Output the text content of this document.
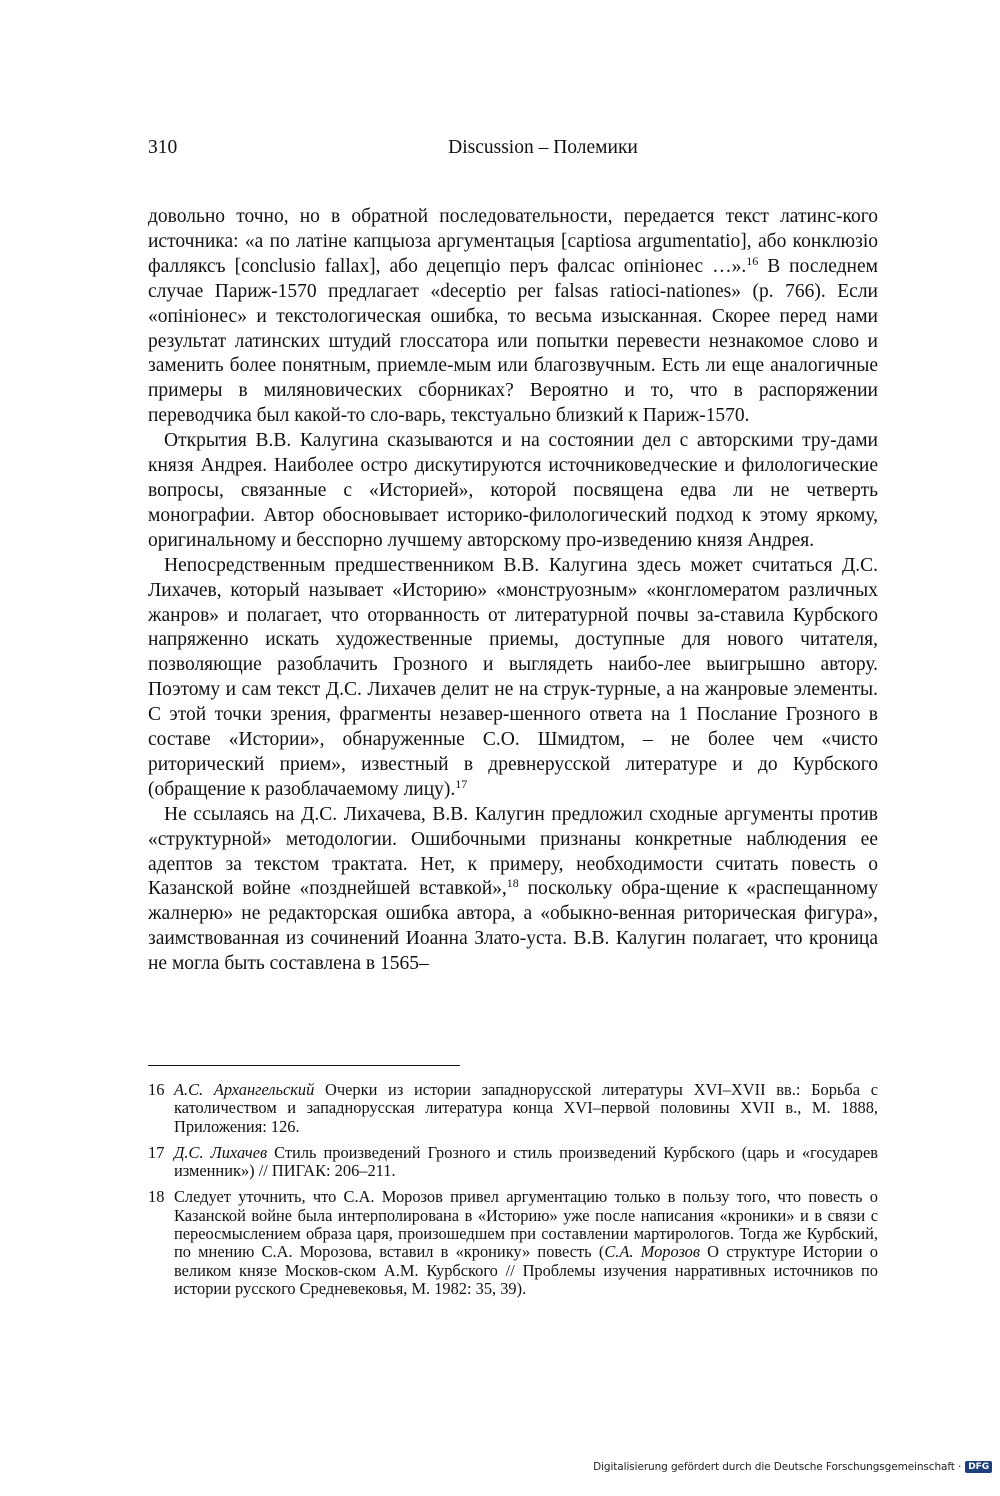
310	Discussion – Полемики

довольно точно, но в обратной последовательности, передается текст латинс-кого источника: «а по латіне капцыоза аргументацыя [captiosa argumentatio], або конклюзіо фалляксъ [conclusio fallax], або децепціо перъ фалсас опініонес …».$^{16}$ В последнем случае Париж-1570 предлагает «deceptio per falsas ratioci-nationes» (p. 766). Если «опініонес» и текстологическая ошибка, то весьма изысканная. Скорее перед нами результат латинских штудий глоссатора или попытки перевести незнакомое слово и заменить более понятным, приемле-мым или благозвучным. Есть ли еще аналогичные примеры в миляновических сборниках? Вероятно и то, что в распоряжении переводчика был какой-то сло-варь, текстуально близкий к Париж-1570.

Открытия В.В. Калугина сказываются и на состоянии дел с авторскими тру-дами князя Андрея. Наиболее остро дискутируются источниковедческие и филологические вопросы, связанные с «Историей», которой посвящена едва ли не четверть монографии. Автор обосновывает историко-филологический подход к этому яркому, оригинальному и бесспорно лучшему авторскому про-изведению князя Андрея.

Непосредственным предшественником В.В. Калугина здесь может считаться Д.С. Лихачев, который называет «Историю» «монструозным» «конгломератом различных жанров» и полагает, что оторванность от литературной почвы за-ставила Курбского напряженно искать художественные приемы, доступные для нового читателя, позволяющие разоблачить Грозного и выглядеть наибо-лее выигрышно автору. Поэтому и сам текст Д.С. Лихачев делит не на струк-турные, а на жанровые элементы. С этой точки зрения, фрагменты незавер-шенного ответа на 1 Послание Грозного в составе «Истории», обнаруженные С.О. Шмидтом, – не более чем «чисто риторический прием», известный в древнерусской литературе и до Курбского (обращение к разоблачаемому лицу).$^{17}$

Не ссылаясь на Д.С. Лихачева, В.В. Калугин предложил сходные аргументы против «структурной» методологии. Ошибочными признаны конкретные наблюдения ее адептов за текстом трактата. Нет, к примеру, необходимости считать повесть о Казанской войне «позднейшей вставкой»,$^{18}$ поскольку обра-щение к «распещанному жалнерю» не редакторская ошибка автора, а «обыкно-венная риторическая фигура», заимствованная из сочинений Иоанна Злато-уста. В.В. Калугин полагает, что кроница не могла быть составлена в 1565–

16 А.С. Архангельский Очерки из истории западнорусской литературы XVI–XVII вв.: Борьба с католичеством и западнорусская литература конца XVI–первой половины XVII в., М. 1888, Приложения: 126.
17 Д.С. Лихачев Стиль произведений Грозного и стиль произведений Курбского (царь и «государев изменник») // ПИГАК: 206–211.
18 Следует уточнить, что С.А. Морозов привел аргументацию только в пользу того, что повесть о Казанской войне была интерполирована в «Историю» уже после написания «кроники» и в связи с переосмыслением образа царя, произошедшем при составлении мартирологов. Тогда же Курбский, по мнению С.А. Морозова, вставил в «кронику» повесть (С.А. Морозов О структуре Истории о великом князе Москов-ском А.М. Курбского // Проблемы изучения нарративных источников по истории русского Средневековья, М. 1982: 35, 39).
Digitalisierung gefördert durch die Deutsche Forschungsgemeinschaft · DFG
